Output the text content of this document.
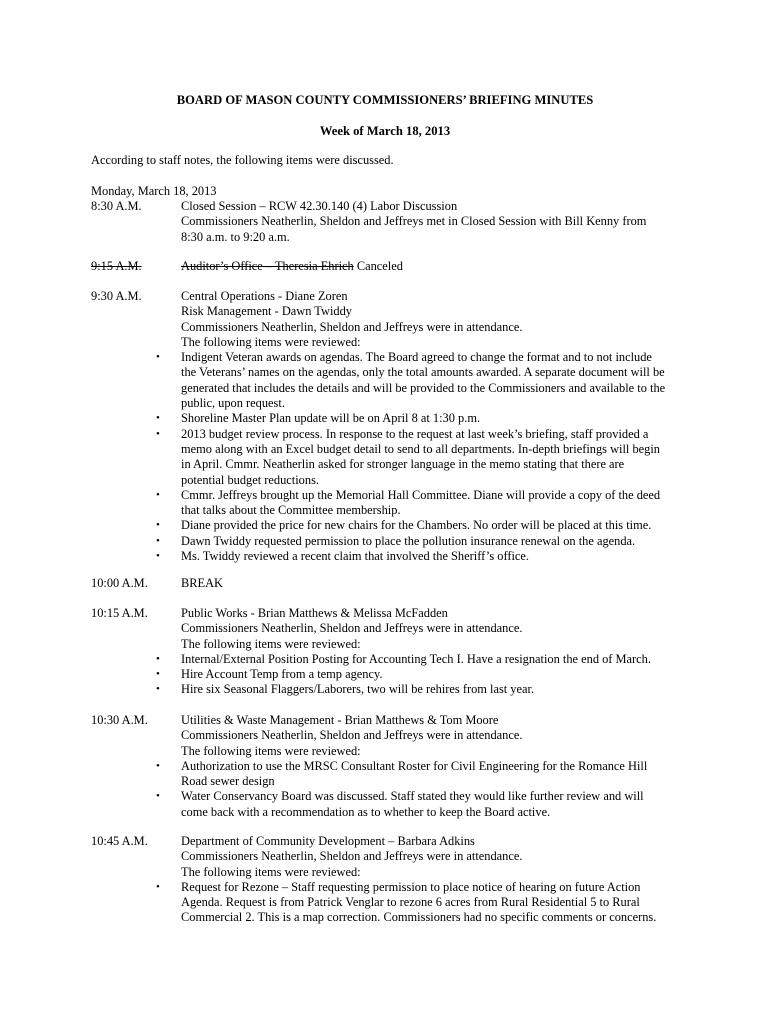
BOARD OF MASON COUNTY COMMISSIONERS’ BRIEFING MINUTES
Week of March 18, 2013
According to staff notes, the following items were discussed.
Monday, March 18, 2013
8:30 A.M.	Closed Session – RCW 42.30.140 (4) Labor Discussion
Commissioners Neatherlin, Sheldon and Jeffreys met in Closed Session with Bill Kenny from
8:30 a.m. to 9:20 a.m.
9:15 A.M.	Auditor’s Office – Theresia Ehrich Canceled
9:30 A.M.	Central Operations - Diane Zoren
Risk Management - Dawn Twiddy
Commissioners Neatherlin, Sheldon and Jeffreys were in attendance.
The following items were reviewed:
• Indigent Veteran awards on agendas. The Board agreed to change the format and to not include
the Veterans’ names on the agendas, only the total amounts awarded. A separate document will be
generated that includes the details and will be provided to the Commissioners and available to the
public, upon request.
• Shoreline Master Plan update will be on April 8 at 1:30 p.m.
• 2013 budget review process. In response to the request at last week’s briefing, staff provided a
memo along with an Excel budget detail to send to all departments. In-depth briefings will begin
in April. Cmmr. Neatherlin asked for stronger language in the memo stating that there are
potential budget reductions.
• Cmmr. Jeffreys brought up the Memorial Hall Committee. Diane will provide a copy of the deed
that talks about the Committee membership.
• Diane provided the price for new chairs for the Chambers. No order will be placed at this time.
• Dawn Twiddy requested permission to place the pollution insurance renewal on the agenda.
• Ms. Twiddy reviewed a recent claim that involved the Sheriff’s office.
10:00 A.M.	BREAK
10:15 A.M.	Public Works - Brian Matthews & Melissa McFadden
Commissioners Neatherlin, Sheldon and Jeffreys were in attendance.
The following items were reviewed:
• Internal/External Position Posting for Accounting Tech I. Have a resignation the end of March.
• Hire Account Temp from a temp agency.
• Hire six Seasonal Flaggers/Laborers, two will be rehires from last year.
10:30 A.M.	Utilities & Waste Management - Brian Matthews & Tom Moore
Commissioners Neatherlin, Sheldon and Jeffreys were in attendance.
The following items were reviewed:
• Authorization to use the MRSC Consultant Roster for Civil Engineering for the Romance Hill
Road sewer design
• Water Conservancy Board was discussed. Staff stated they would like further review and will
come back with a recommendation as to whether to keep the Board active.
10:45 A.M.	Department of Community Development – Barbara Adkins
Commissioners Neatherlin, Sheldon and Jeffreys were in attendance.
The following items were reviewed:
• Request for Rezone – Staff requesting permission to place notice of hearing on future Action
Agenda. Request is from Patrick Venglar to rezone 6 acres from Rural Residential 5 to Rural
Commercial 2. This is a map correction. Commissioners had no specific comments or concerns.
